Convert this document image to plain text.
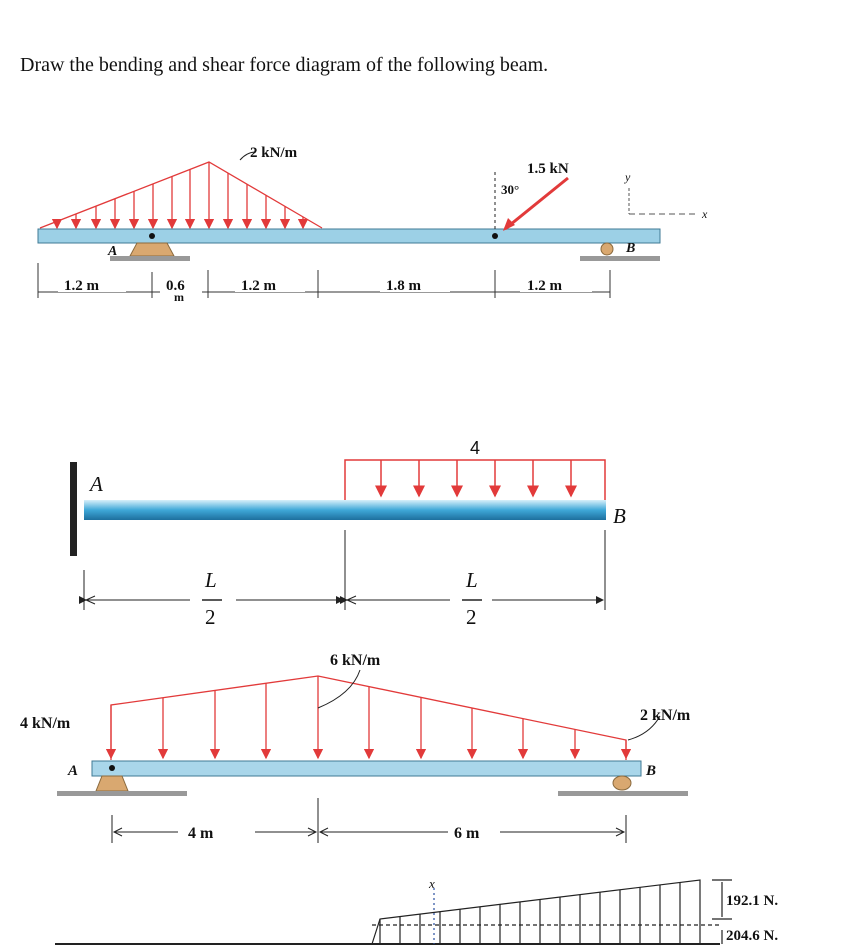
Draw the bending and shear force diagram of the following beam.
2 kN/m
A	B
1.5 kN
30°
y
x
1.2 m	0.6
m
1.2 m	1.8 m	1.2 m
A
B
4
L
2
L
2
6 kN/m
4 kN/m	2 kN/m
A	B
4 m	6 m
x
192.1 N.
204.6 N.
